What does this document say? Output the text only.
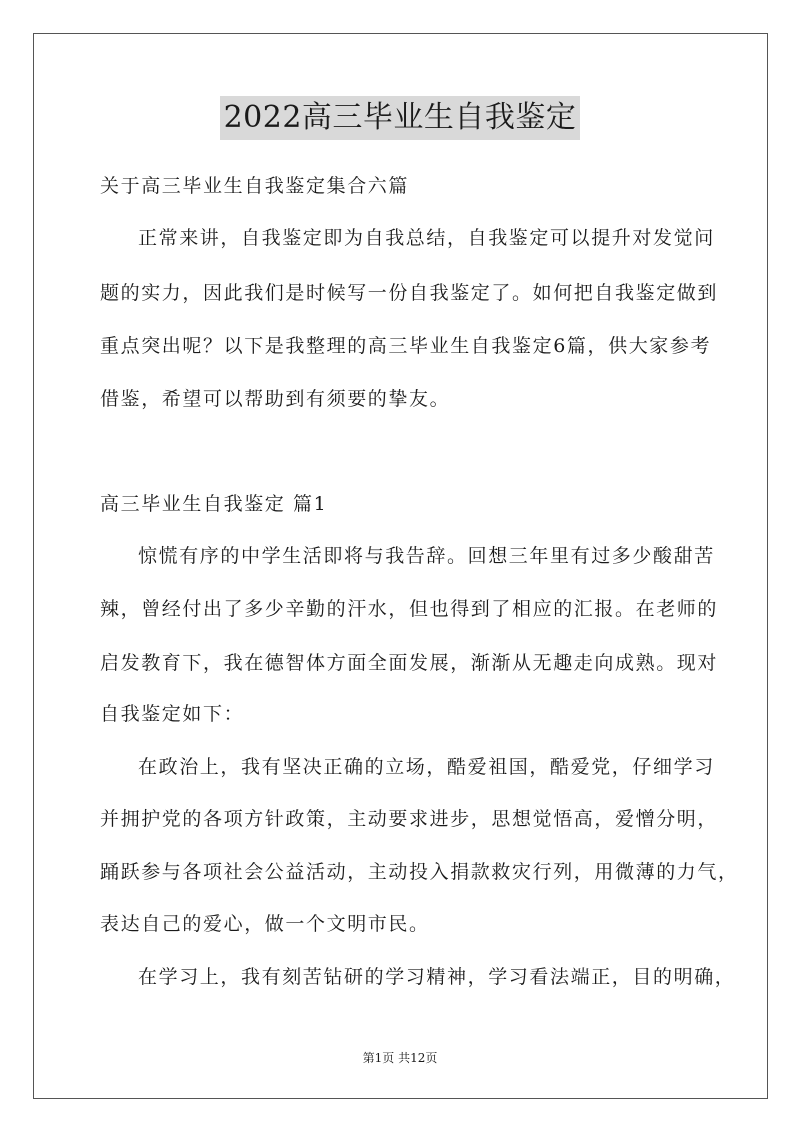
2022高三毕业生自我鉴定
关于高三毕业生自我鉴定集合六篇
正常来讲，自我鉴定即为自我总结，自我鉴定可以提升对发觉问
题的实力，因此我们是时候写一份自我鉴定了。如何把自我鉴定做到
重点突出呢？以下是我整理的高三毕业生自我鉴定6篇，供大家参考
借鉴，希望可以帮助到有须要的挚友。
高三毕业生自我鉴定 篇1
惊慌有序的中学生活即将与我告辞。回想三年里有过多少酸甜苦
辣，曾经付出了多少辛勤的汗水，但也得到了相应的汇报。在老师的
启发教育下，我在德智体方面全面发展，渐渐从无趣走向成熟。现对
自我鉴定如下：
在政治上，我有坚决正确的立场，酷爱祖国，酷爱党，仔细学习
并拥护党的各项方针政策，主动要求进步，思想觉悟高，爱憎分明，
踊跃参与各项社会公益活动，主动投入捐款救灾行列，用微薄的力气，
表达自己的爱心，做一个文明市民。
在学习上，我有刻苦钻研的学习精神，学习看法端正，目的明确，
第1页 共12页
